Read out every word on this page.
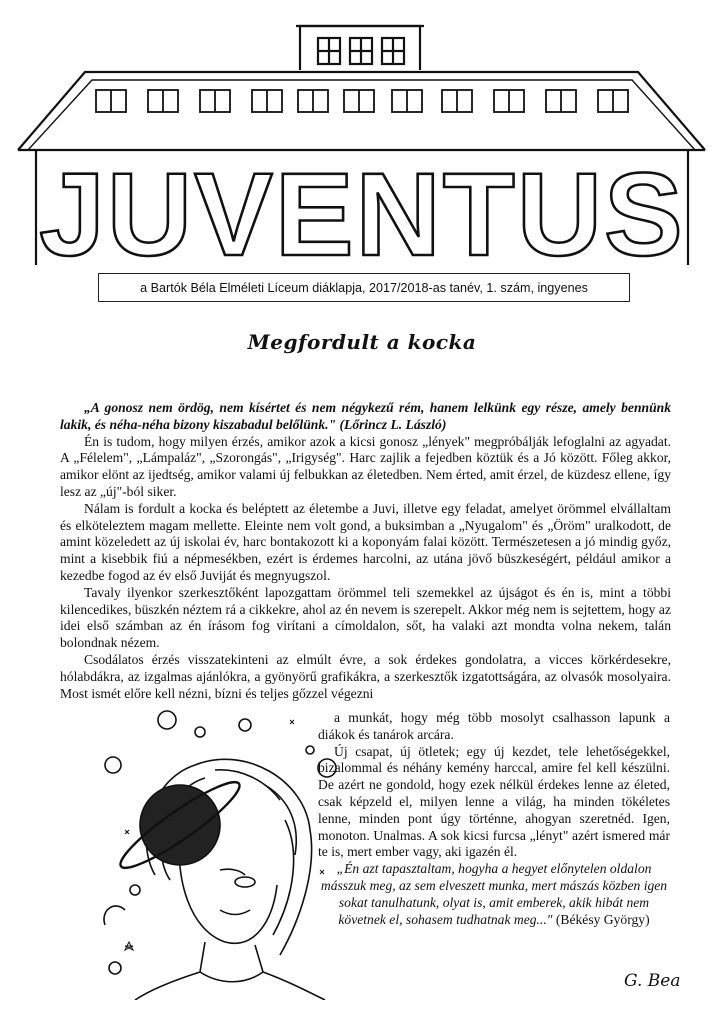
JUVENTUS
a Bartók Béla Elméleti Líceum diáklapja, 2017/2018-as tanév, 1. szám, ingyenes
Megfordult a kocka

„A gonosz nem ördög, nem kísértet és nem négykezű rém, hanem lelkünk egy része, amely bennünk lakik, és néha-néha bizony kiszabadul belőlünk." (Lőrincz L. László)

Én is tudom, hogy milyen érzés, amikor azok a kicsi gonosz „lények" megpróbálják lefoglalni az agyadat. A „Félelem", „Lámpaláz", „Szorongás", „Irigység". Harc zajlik a fejedben köztük és a Jó között. Főleg akkor, amikor elönt az ijedtség, amikor valami új felbukkan az életedben. Nem érted, amit érzel, de küzdesz ellene, így lesz az „új"-ból siker.

Nálam is fordult a kocka és beléptett az életembe a Juvi, illetve egy feladat, amelyet örömmel elvállaltam és elköteleztem magam mellette. Eleinte nem volt gond, a buksimban a „Nyugalom" és „Öröm" uralkodott, de amint közeledett az új iskolai év, harc bontakozott ki a koponyám falai között. Természetesen a jó mindig győz, mint a kisebbik fiú a népmesékben, ezért is érdemes harcolni, az utána jövő büszkeségért, például amikor a kezedbe fogod az év első Juviját és megnyugszol.

Tavaly ilyenkor szerkesztőként lapozgattam örömmel teli szemekkel az újságot és én is, mint a többi kilencedikes, büszkén néztem rá a cikkekre, ahol az én nevem is szerepelt. Akkor még nem is sejtettem, hogy az idei első számban az én írásom fog virítani a címoldalon, sőt, ha valaki azt mondta volna nekem, talán bolondnak nézem.

Csodálatos érzés visszatekinteni az elmúlt évre, a sok érdekes gondolatra, a vicces körkérdesekre, hólabdákra, az izgalmas ajánlókra, a gyönyörű grafikákra, a szerkesztők izgatottságára, az olvasók mosolyaira. Most ismét előre kell nézni, bízni és teljes gőzzel végezni

a munkát, hogy még több mosolyt csalhasson lapunk a diákok és tanárok arcára.

Új csapat, új ötletek; egy új kezdet, tele lehetőségekkel, bizalommal és néhány kemény harccal, amire fel kell készülni. De azért ne gondold, hogy ezek nélkül érdekes lenne az életed, csak képzeld el, milyen lenne a világ, ha minden tökéletes lenne, minden pont úgy történne, ahogyan szeretnéd. Igen, monoton. Unalmas. A sok kicsi furcsa „lényt" azért ismered már te is, mert ember vagy, aki igazén él.

„Én azt tapasztaltam, hogyha a hegyet előnytelen oldalon másszuk meg, az sem elveszett munka, mert mászás közben igen sokat tanulhatunk, olyat is, amit emberek, akik hibát nem követnek el, sohasem tudhatnak meg..." (Békésy György)

G. Bea
